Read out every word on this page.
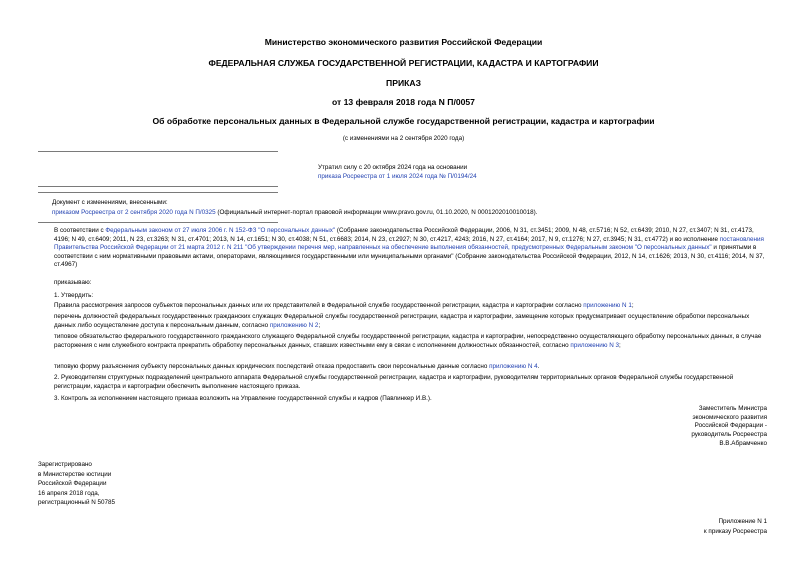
Министерство экономического развития Российской Федерации
ФЕДЕРАЛЬНАЯ СЛУЖБА ГОСУДАРСТВЕННОЙ РЕГИСТРАЦИИ, КАДАСТРА И КАРТОГРАФИИ
ПРИКАЗ
от 13 февраля 2018 года N П/0057
Об обработке персональных данных в Федеральной службе государственной регистрации, кадастра и картографии
(с изменениями на 2 сентября 2020 года)
Утратил силу с 20 октября 2024 года на основании
приказа Росреестра от 1 июля 2024 года № П/0194/24
Документ с изменениями, внесенными:
приказом Росреестра от 2 сентября 2020 года N П/0325 (Официальный интернет-портал правовой информации www.pravo.gov.ru, 01.10.2020, N 0001202010010018).
В соответствии с Федеральным законом от 27 июля 2006 г. N 152-ФЗ "О персональных данных" (Собрание законодательства Российской Федерации, 2006, N 31, ст.3451; 2009, N 48, ст.5716; N 52, ст.6439; 2010, N 27, ст.3407; N 31, ст.4173, 4196; N 49, ст.6409; 2011, N 23, ст.3263; N 31, ст.4701; 2013, N 14, ст.1651; N 30, ст.4038; N 51, ст.6683; 2014, N 23, ст.2927; N 30, ст.4217, 4243; 2016, N 27, ст.4164; 2017, N 9, ст.1276; N 27, ст.3945; N 31, ст.4772) и во исполнение постановления Правительства Российской Федерации от 21 марта 2012 г. N 211 "Об утверждении перечня мер, направленных на обеспечение выполнения обязанностей, предусмотренных Федеральным законом "О персональных данных" и принятыми в соответствии с ним нормативными правовыми актами, операторами, являющимися государственными или муниципальными органами" (Собрание законодательства Российской Федерации, 2012, N 14, ст.1626; 2013, N 30, ст.4116; 2014, N 37, ст.4967)
приказываю:
1. Утвердить:
Правила рассмотрения запросов субъектов персональных данных или их представителей в Федеральной службе государственной регистрации, кадастра и картографии согласно приложению N 1;
перечень должностей федеральных государственных гражданских служащих Федеральной службы государственной регистрации, кадастра и картографии, замещение которых предусматривает осуществление обработки персональных данных либо осуществление доступа к персональным данным, согласно приложению N 2;
типовое обязательство федерального государственного гражданского служащего Федеральной службы государственной регистрации, кадастра и картографии, непосредственно осуществляющего обработку персональных данных, в случае расторжения с ним служебного контракта прекратить обработку персональных данных, ставших известными ему в связи с исполнением должностных обязанностей, согласно приложению N 3;
типовую форму разъяснения субъекту персональных данных юридических последствий отказа предоставить свои персональные данные согласно приложению N 4.
2. Руководителям структурных подразделений центрального аппарата Федеральной службы государственной регистрации, кадастра и картографии, руководителям территориальных органов Федеральной службы государственной регистрации, кадастра и картографии обеспечить выполнение настоящего приказа.
3. Контроль за исполнением настоящего приказа возложить на Управление государственной службы и кадров (Павлинкер И.В.).
Заместитель Министра
экономического развития
Российской Федерации -
руководитель Росреестра
В.В.Абрамченко
Зарегистрировано
в Министерстве юстиции
Российской Федерации
16 апреля 2018 года,
регистрационный N 50785
Приложение N 1
к приказу Росреестра
